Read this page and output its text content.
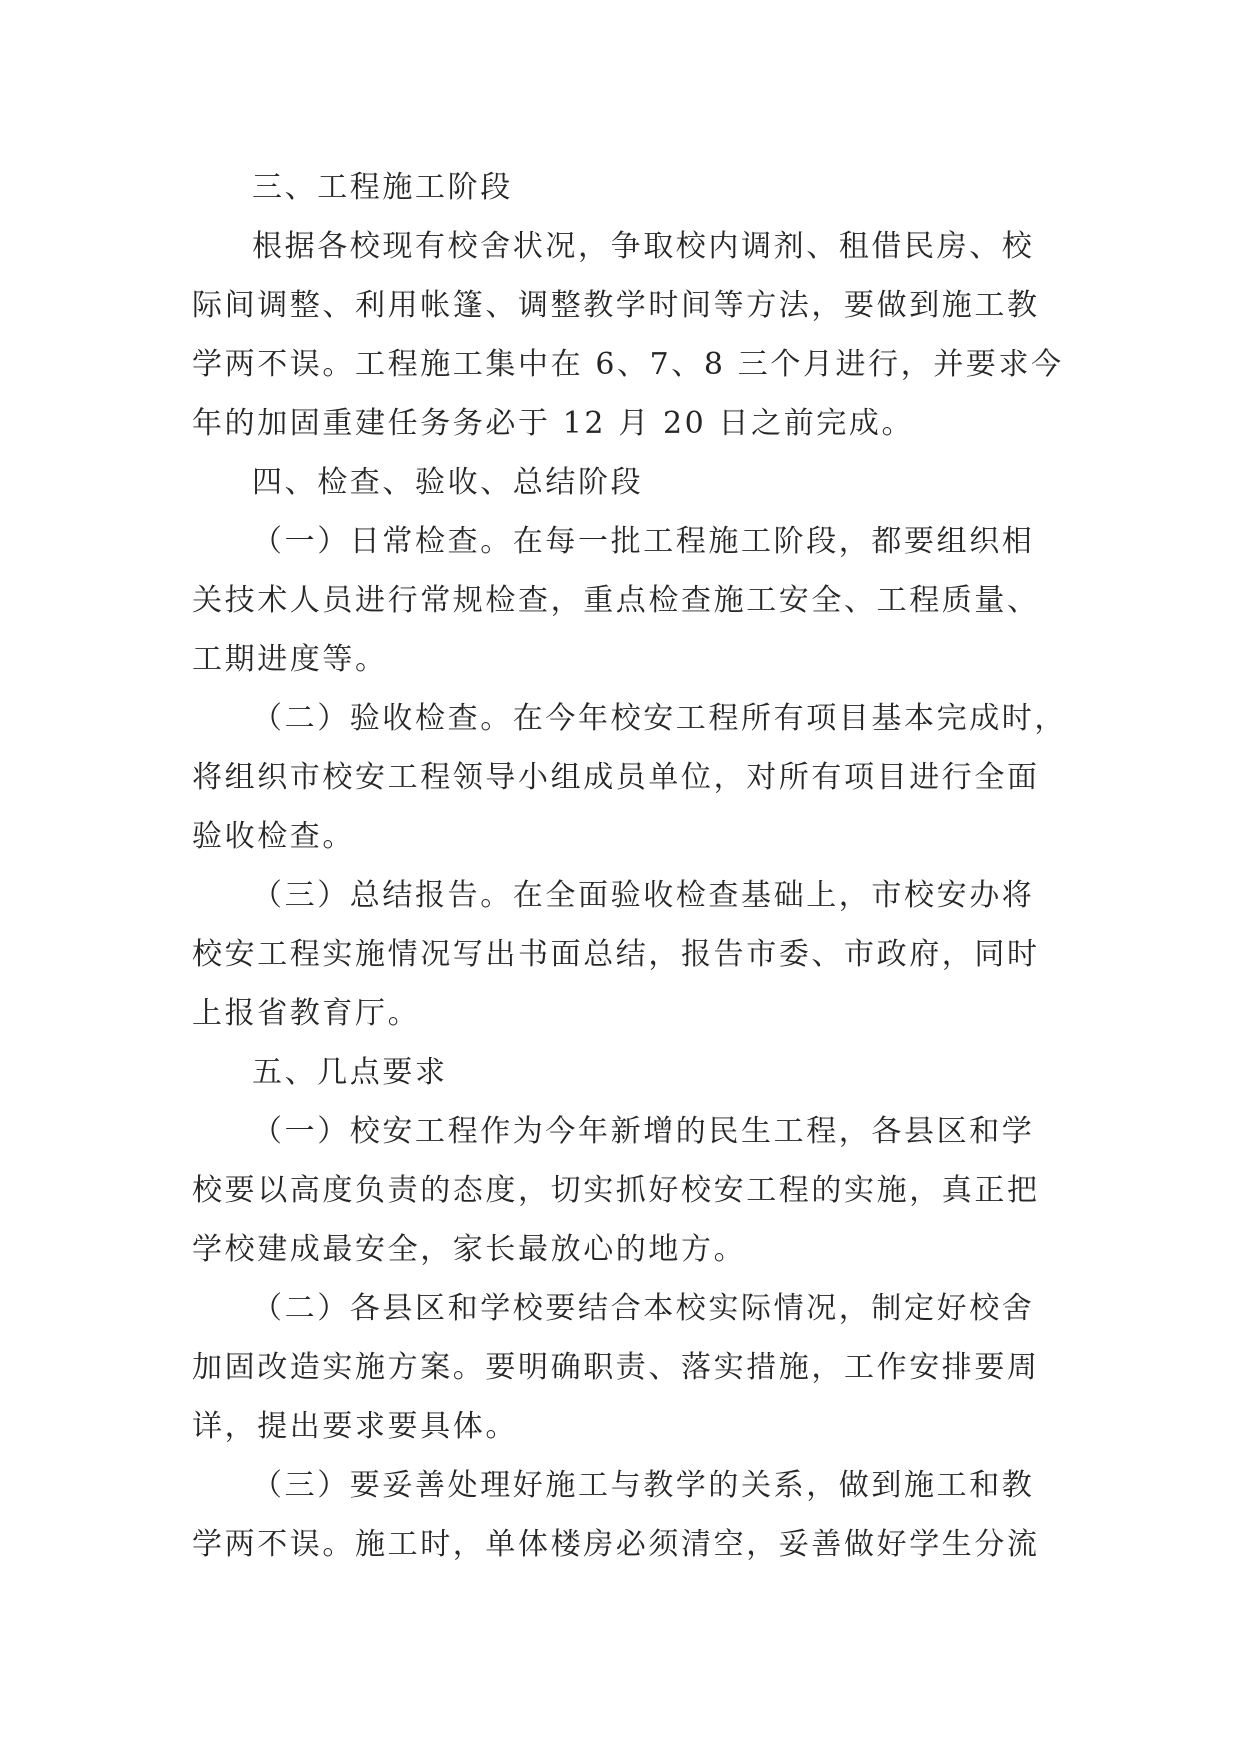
三、工程施工阶段
根据各校现有校舍状况，争取校内调剂、租借民房、校
际间调整、利用帐篷、调整教学时间等方法，要做到施工教
学两不误。工程施工集中在 6、7、8 三个月进行，并要求今
年的加固重建任务务必于 12 月 20 日之前完成。
四、检查、验收、总结阶段
（一）日常检查。在每一批工程施工阶段，都要组织相
关技术人员进行常规检查，重点检查施工安全、工程质量、
工期进度等。
（二）验收检查。在今年校安工程所有项目基本完成时，
将组织市校安工程领导小组成员单位，对所有项目进行全面
验收检查。
（三）总结报告。在全面验收检查基础上，市校安办将
校安工程实施情况写出书面总结，报告市委、市政府，同时
上报省教育厅。
五、几点要求
（一）校安工程作为今年新增的民生工程，各县区和学
校要以高度负责的态度，切实抓好校安工程的实施，真正把
学校建成最安全，家长最放心的地方。
（二）各县区和学校要结合本校实际情况，制定好校舍
加固改造实施方案。要明确职责、落实措施，工作安排要周
详，提出要求要具体。
（三）要妥善处理好施工与教学的关系，做到施工和教
学两不误。施工时，单体楼房必须清空，妥善做好学生分流
